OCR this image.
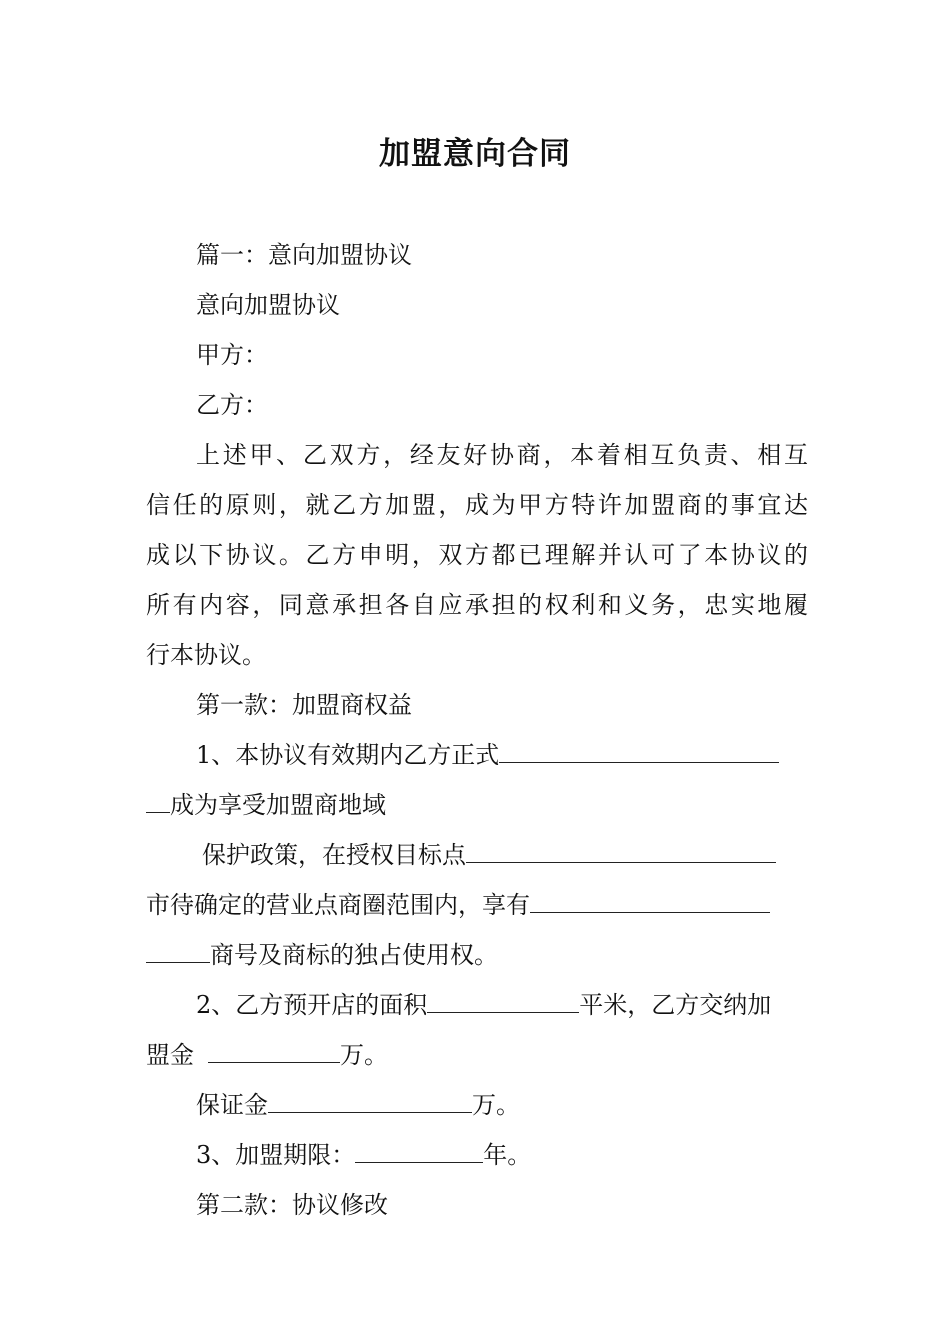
加盟意向合同
篇一：意向加盟协议
意向加盟协议
甲方：
乙方：
上述甲、乙双方，经友好协商，本着相互负责、相互
信任的原则，就乙方加盟，成为甲方特许加盟商的事宜达
成以下协议。乙方申明，双方都已理解并认可了本协议的
所有内容，同意承担各自应承担的权利和义务，忠实地履
行本协议。
第一款：加盟商权益
1、本协议有效期内乙方正式
成为享受加盟商地域
保护政策，在授权目标点
市待确定的营业点商圈范围内，享有
商号及商标的独占使用权。
2、乙方预开店的面积	平米，乙方交纳加
盟金	万。
保证金	万。
3、加盟期限：	年。
第二款：协议修改
